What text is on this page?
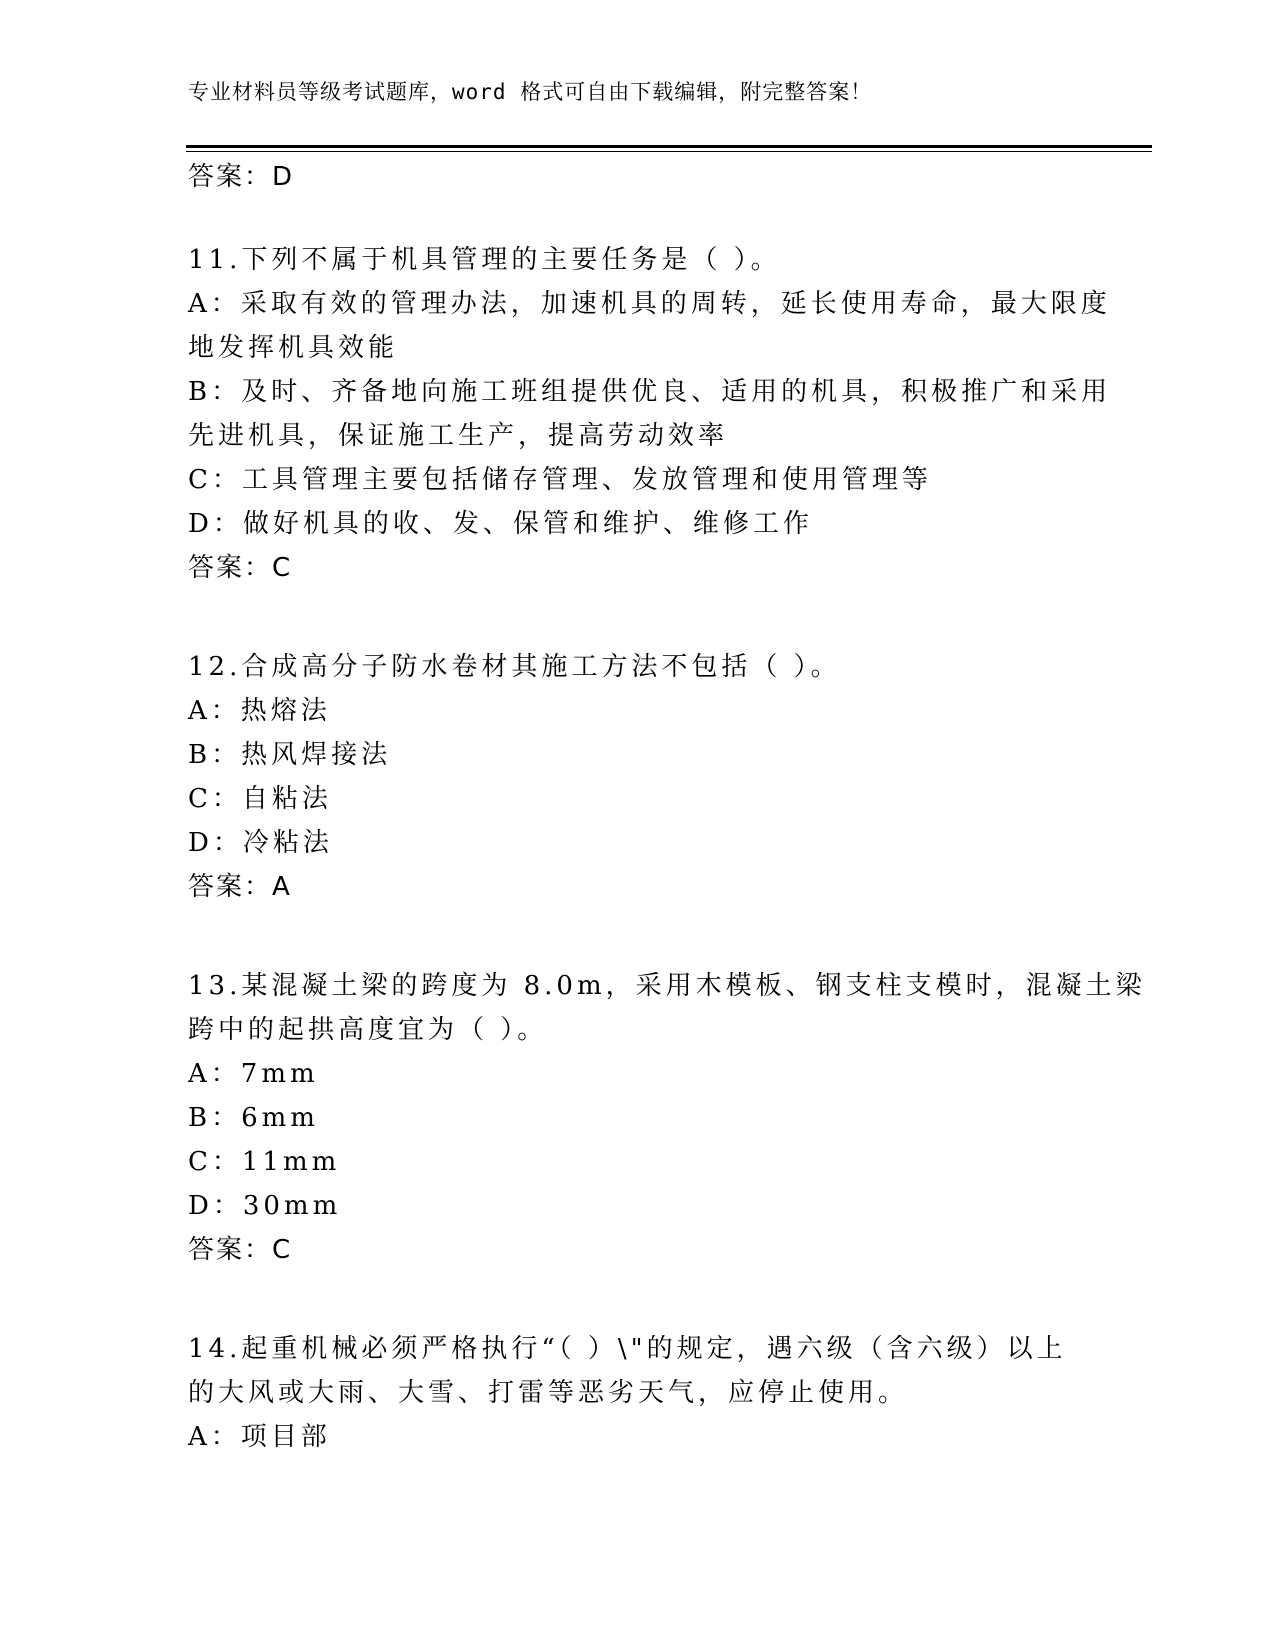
专业材料员等级考试题库，word 格式可自由下载编辑，附完整答案！
答案：D
11.下列不属于机具管理的主要任务是（ ）。
A：采取有效的管理办法，加速机具的周转，延长使用寿命，最大限度
地发挥机具效能
B：及时、齐备地向施工班组提供优良、适用的机具，积极推广和采用
先进机具，保证施工生产，提高劳动效率
C：工具管理主要包括储存管理、发放管理和使用管理等
D：做好机具的收、发、保管和维护、维修工作
答案：C
12.合成高分子防水卷材其施工方法不包括（ ）。
A：热熔法
B：热风焊接法
C：自粘法
D：冷粘法
答案：A
13.某混凝土梁的跨度为 8.0m，采用木模板、钢支柱支模时，混凝土梁
跨中的起拱高度宜为（ ）。
A：7mm
B：6mm
C：11mm
D：30mm
答案：C
14.起重机械必须严格执行“（ ）\"的规定，遇六级（含六级）以上
的大风或大雨、大雪、打雷等恶劣天气，应停止使用。
A：项目部
